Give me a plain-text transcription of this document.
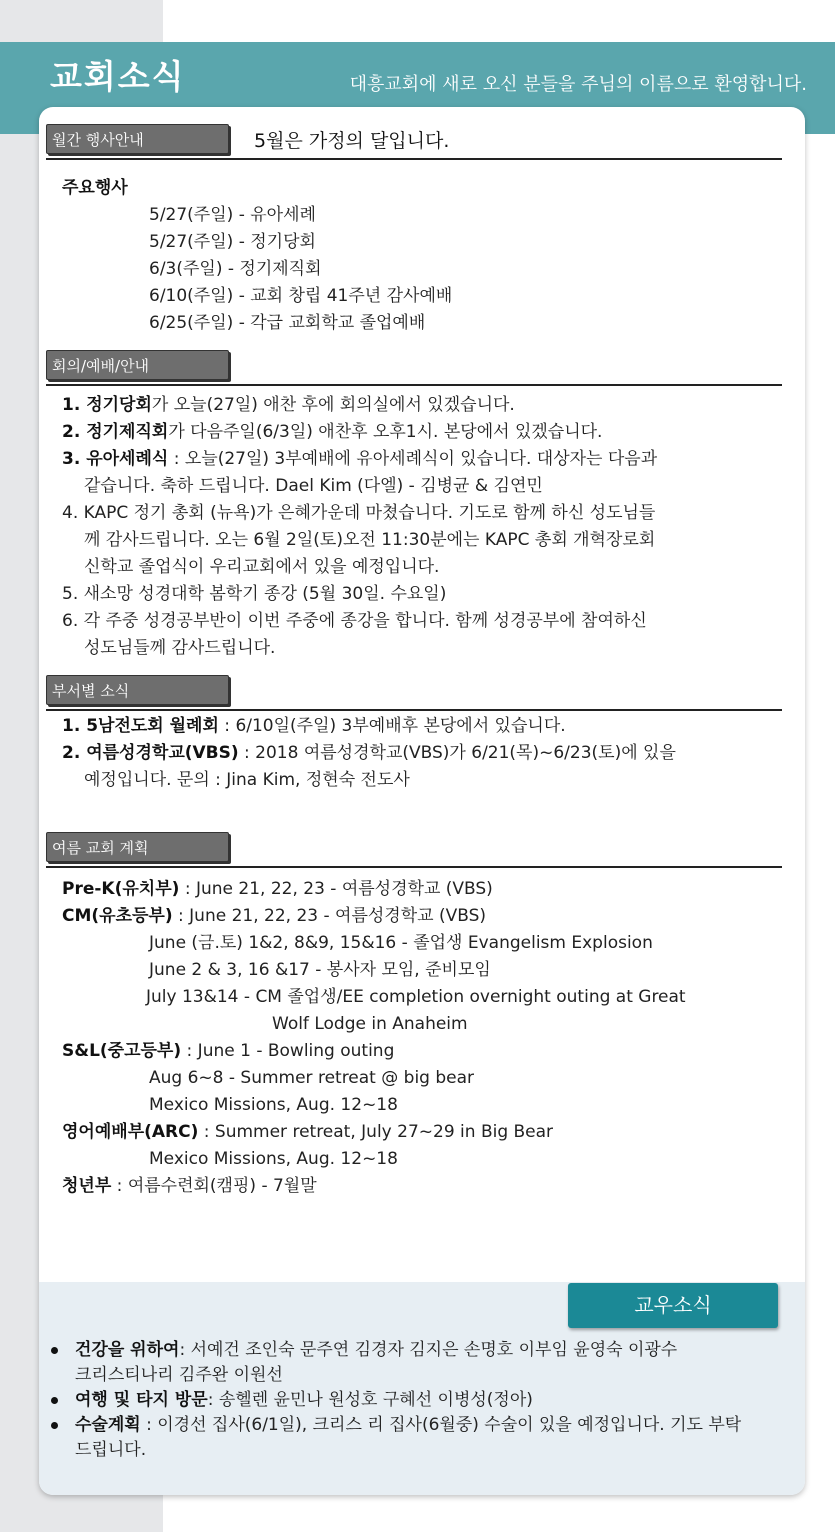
교회소식	대흥교회에 새로 오신 분들을 주님의 이름으로 환영합니다.
월간 행사안내	5월은 가정의 달입니다.
주요행사
5/27(주일) - 유아세례
5/27(주일) - 정기당회
6/3(주일) - 정기제직회
6/10(주일) - 교회 창립 41주년 감사예배
6/25(주일) - 각급 교회학교 졸업예배
회의/예배/안내
1. 정기당회가 오늘(27일) 애찬 후에 회의실에서 있겠습니다.
2. 정기제직회가 다음주일(6/3일) 애찬후 오후1시. 본당에서 있겠습니다.
3. 유아세례식 : 오늘(27일) 3부예배에 유아세례식이 있습니다. 대상자는 다음과
같습니다. 축하 드립니다. Dael Kim (다엘) - 김병균 & 김연민
4. KAPC 정기 총회 (뉴욕)가 은혜가운데 마쳤습니다. 기도로 함께 하신 성도님들
께 감사드립니다. 오는 6월 2일(토)오전 11:30분에는 KAPC 총회 개혁장로회
신학교 졸업식이 우리교회에서 있을 예정입니다.
5. 새소망 성경대학 봄학기 종강 (5월 30일. 수요일)
6. 각 주중 성경공부반이 이번 주중에 종강을 합니다. 함께 성경공부에 참여하신
성도님들께 감사드립니다.
부서별 소식
1. 5남전도회 월례회 : 6/10일(주일) 3부예배후 본당에서 있습니다.
2. 여름성경학교(VBS) : 2018 여름성경학교(VBS)가 6/21(목)~6/23(토)에 있을
예정입니다. 문의 : Jina Kim, 정현숙 전도사
여름 교회 계획
Pre-K(유치부) : June 21, 22, 23 - 여름성경학교 (VBS)
CM(유초등부) : June 21, 22, 23 - 여름성경학교 (VBS)
June (금.토) 1&2, 8&9, 15&16 - 졸업생 Evangelism Explosion
June 2 & 3, 16 &17 - 봉사자 모임, 준비모임
July 13&14 - CM 졸업생/EE completion overnight outing at Great
Wolf Lodge in Anaheim
S&L(중고등부) : June 1 - Bowling outing
Aug 6~8 - Summer retreat @ big bear
Mexico Missions, Aug. 12~18
영어예배부(ARC) : Summer retreat, July 27~29 in Big Bear
Mexico Missions, Aug. 12~18
청년부 : 여름수련회(캠핑) - 7월말
교우소식
건강을 위하여: 서예건 조인숙 문주연 김경자 김지은 손명호 이부임 윤영숙 이광수
크리스티나리 김주완 이원선
여행 및 타지 방문: 송헬렌 윤민나 원성호 구혜선 이병성(정아)
수술계획 : 이경선 집사(6/1일), 크리스 리 집사(6월중) 수술이 있을 예정입니다. 기도 부탁
드립니다.
